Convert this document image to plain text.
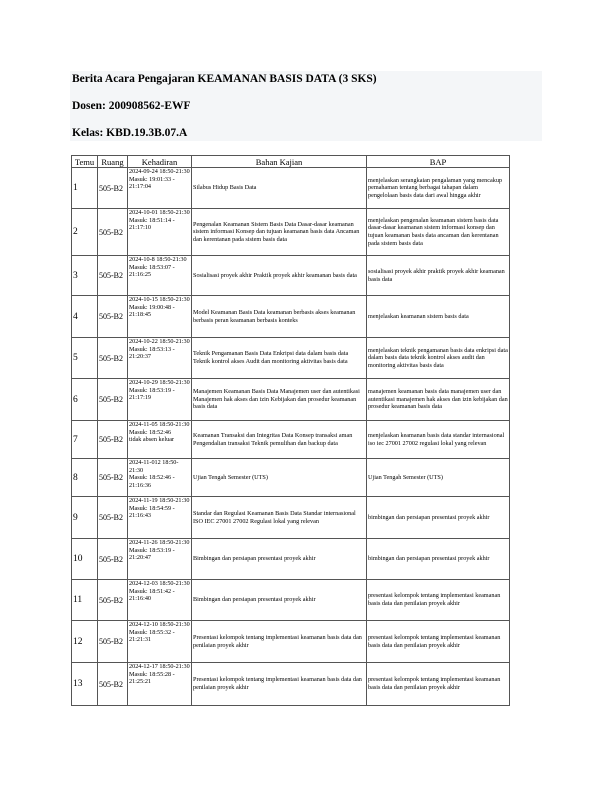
Berita Acara Pengajaran KEAMANAN BASIS DATA (3 SKS)
Dosen: 200908562-EWF
Kelas: KBD.19.3B.07.A
Temu	Ruang	Kehadiran	Bahan Kajian	BAP
1	505-B2	2024-09-24 18:50-21:30
Masuk: 19:01:33 - 21:17:04	Silabus Hidup Basis Data	menjelaskan serangkaian pengalaman yang mencakup pemahaman tentang berbagai tahapan dalam pengelolaan basis data dari awal hingga akhir
2	505-B2	2024-10-01 18:50-21:30
Masuk: 18:51:14 - 21:17:10	Pengenalan Keamanan Sistem Basis Data Dasar-dasar keamanan sistem informasi Konsep dan tujuan keamanan basis data Ancaman dan kerentanan pada sistem basis data	menjelaskan pengenalan keamanan sistem basis data dasar-dasar keamanan sistem informasi konsep dan tujuan keamanan basis data ancaman dan kerentanan pada sistem basis data
3	505-B2	2024-10-8 18:50-21:30
Masuk: 18:53:07 - 21:16:25	Sosialisasi proyek akhir Praktik proyek akhir keamanan basis data	sosialisasi proyek akhir praktik proyek akhir keamanan basis data
4	505-B2	2024-10-15 18:50-21:30
Masuk: 19:00:48 - 21:18:45	Model Keamanan Basis Data keamanan berbasis akses keamanan berbasis peran keamanan berbasis konteks	menjelaskan keamanan sistem basis data
5	505-B2	2024-10-22 18:50-21:30
Masuk: 18:53:13 - 21:20:37	Teknik Pengamanan Basis Data Enkripsi data dalam basis data Teknik kontrol akses Audit dan monitoring aktivitas basis data	menjelaskan teknik pengamanan basis data enkripsi data dalam basis data teknik kontrol akses audit dan monitoring aktivitas basis data
6	505-B2	2024-10-29 18:50-21:30
Masuk: 18:53:19 - 21:17:19	Manajemen Keamanan Basis Data Manajemen user dan autentikasi Manajemen hak akses dan izin Kebijakan dan prosedur keamanan basis data	manajemen keamanan basis data manajemen user dan autentikasi manajemen hak akses dan izin kebijakan dan prosedur keamanan basis data
7	505-B2	2024-11-05 18:50-21:30
Masuk: 18:52:46
tidak absen keluar	Keamanan Transaksi dan Integritas Data Konsep transaksi aman Pengendalian transaksi Teknik pemulihan dan backup data	menjelaskan keamanan basis data standar internasional iso iec 27001 27002 regulasi lokal yang relevan
8	505-B2	2024-11-012 18:50-21:30
Masuk: 18:52:46 - 21:16:36	Ujian Tengah Semester (UTS)	Ujian Tengah Semester (UTS)
9	505-B2	2024-11-19 18:50-21:30
Masuk: 18:54:59 - 21:16:43	Standar dan Regulasi Keamanan Basis Data Standar internasional ISO IEC 27001 27002 Regulasi lokal yang relevan	bimbingan dan persiapan presentasi proyek akhir
10	505-B2	2024-11-26 18:50-21:30
Masuk: 18:53:19 - 21:20:47	Bimbingan dan persiapan presentasi proyek akhir	bimbingan dan persiapan presentasi proyek akhir
11	505-B2	2024-12-03 18:50-21:30
Masuk: 18:51:42 - 21:16:40	Bimbingan dan persiapan presentasi proyek akhir	presentasi kelompok tentang implementasi keamanan basis data dan penilaian proyek akhir
12	505-B2	2024-12-10 18:50-21:30
Masuk: 18:55:32 - 21:21:31	Presentasi kelompok tentang implementasi keamanan basis data dan penilaian proyek akhir	presentasi kelompok tentang implementasi keamanan basis data dan penilaian proyek akhir
13	505-B2	2024-12-17 18:50-21:30
Masuk: 18:55:28 - 21:25:21	Presentasi kelompok tentang implementasi keamanan basis data dan penilaian proyek akhir	presentasi kelompok tentang implementasi keamanan basis data dan penilaian proyek akhir
